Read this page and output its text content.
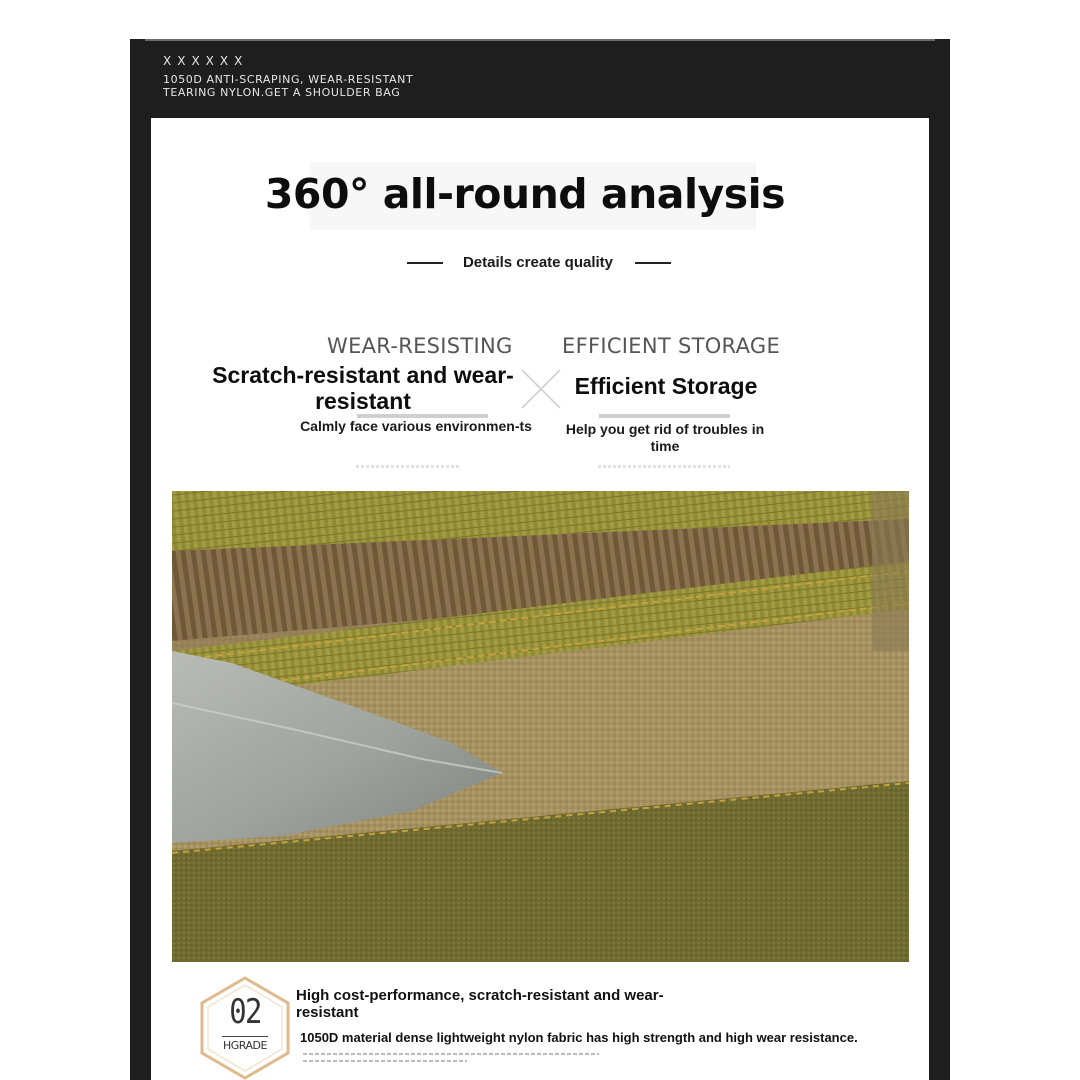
XXXXXX
1050D ANTI-SCRAPING, WEAR-RESISTANT
TEARING NYLON.GET A SHOULDER BAG
360° all-round analysis
Details create quality
WEAR-RESISTING EFFICIENT STORAGE
Scratch-resistant and wear-resistant
Efficient Storage
Calmly face various environmen-ts	Help you get rid of troubles in time
02
HGRADE
High cost-performance, scratch-resistant and wear-resistant
1050D material dense lightweight nylon fabric has high strength and high wear resistance.
